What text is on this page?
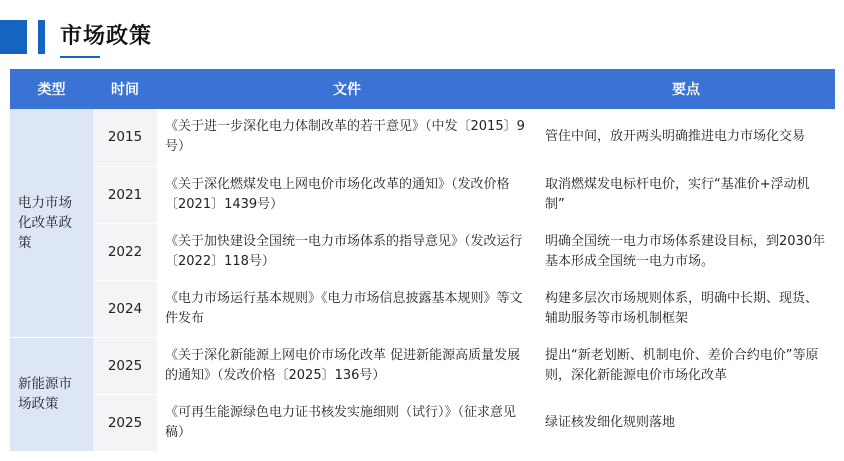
市场政策
类型	时间	文件	要点
电力市场化改革政策	2015	《关于进一步深化电力体制改革的若干意见》（中发〔2015〕9号）	管住中间，放开两头明确推进电力市场化交易
	2021	《关于深化燃煤发电上网电价市场化改革的通知》（发改价格〔2021〕1439号）	取消燃煤发电标杆电价，实行“基准价+浮动机制”
	2022	《关于加快建设全国统一电力市场体系的指导意见》（发改运行〔2022〕118号）	明确全国统一电力市场体系建设目标，到2030年基本形成全国统一电力市场。
	2024	《电力市场运行基本规则》《电力市场信息披露基本规则》等文件发布	构建多层次市场规则体系，明确中长期、现货、辅助服务等市场机制框架
新能源市场政策	2025	《关于深化新能源上网电价市场化改革 促进新能源高质量发展的通知》（发改价格〔2025〕136号）	提出“新老划断、机制电价、差价合约电价”等原则，深化新能源电价市场化改革
	2025	《可再生能源绿色电力证书核发实施细则（试行）》（征求意见稿）	绿证核发细化规则落地
